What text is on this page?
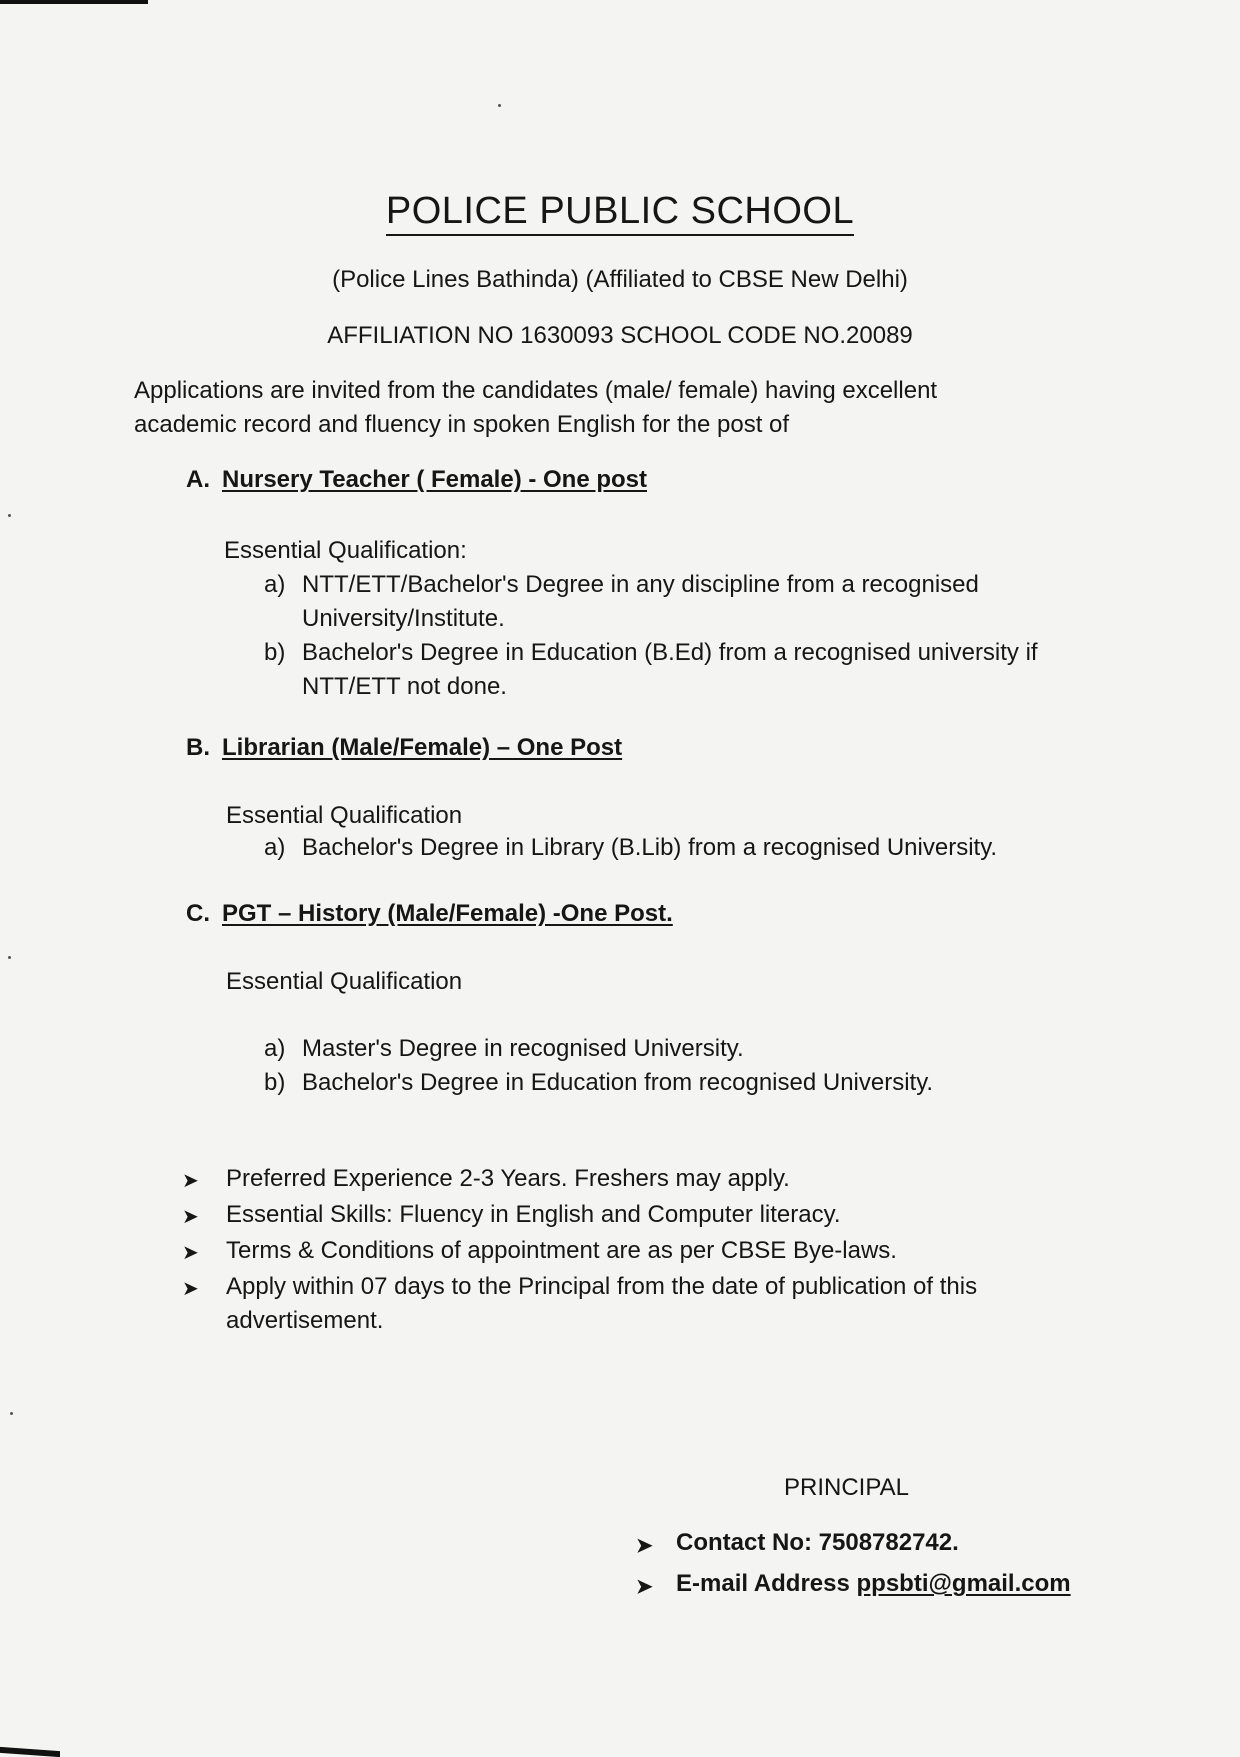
POLICE PUBLIC SCHOOL
(Police Lines Bathinda) (Affiliated to CBSE New Delhi)
AFFILIATION NO 1630093 SCHOOL CODE NO.20089
Applications are invited from the candidates (male/ female) having excellent academic record and fluency in spoken English for the post of
A. Nursery Teacher ( Female) - One post
Essential Qualification:
a) NTT/ETT/Bachelor's Degree in any discipline from a recognised University/Institute.
b) Bachelor's Degree in Education (B.Ed) from a recognised university if NTT/ETT not done.
B. Librarian (Male/Female) – One Post
Essential Qualification
a) Bachelor's Degree in Library (B.Lib) from a recognised University.
C. PGT – History (Male/Female) -One Post.
Essential Qualification
a) Master's Degree in recognised University.
b) Bachelor's Degree in Education from recognised University.
➤	Preferred Experience 2-3 Years. Freshers may apply.
➤	Essential Skills: Fluency in English and Computer literacy.
➤	Terms & Conditions of appointment are as per CBSE Bye-laws.
➤	Apply within 07 days to the Principal from the date of publication of this advertisement.
PRINCIPAL
➤ Contact No: 7508782742.
➤ E-mail Address
ppsbti@gmail.com
